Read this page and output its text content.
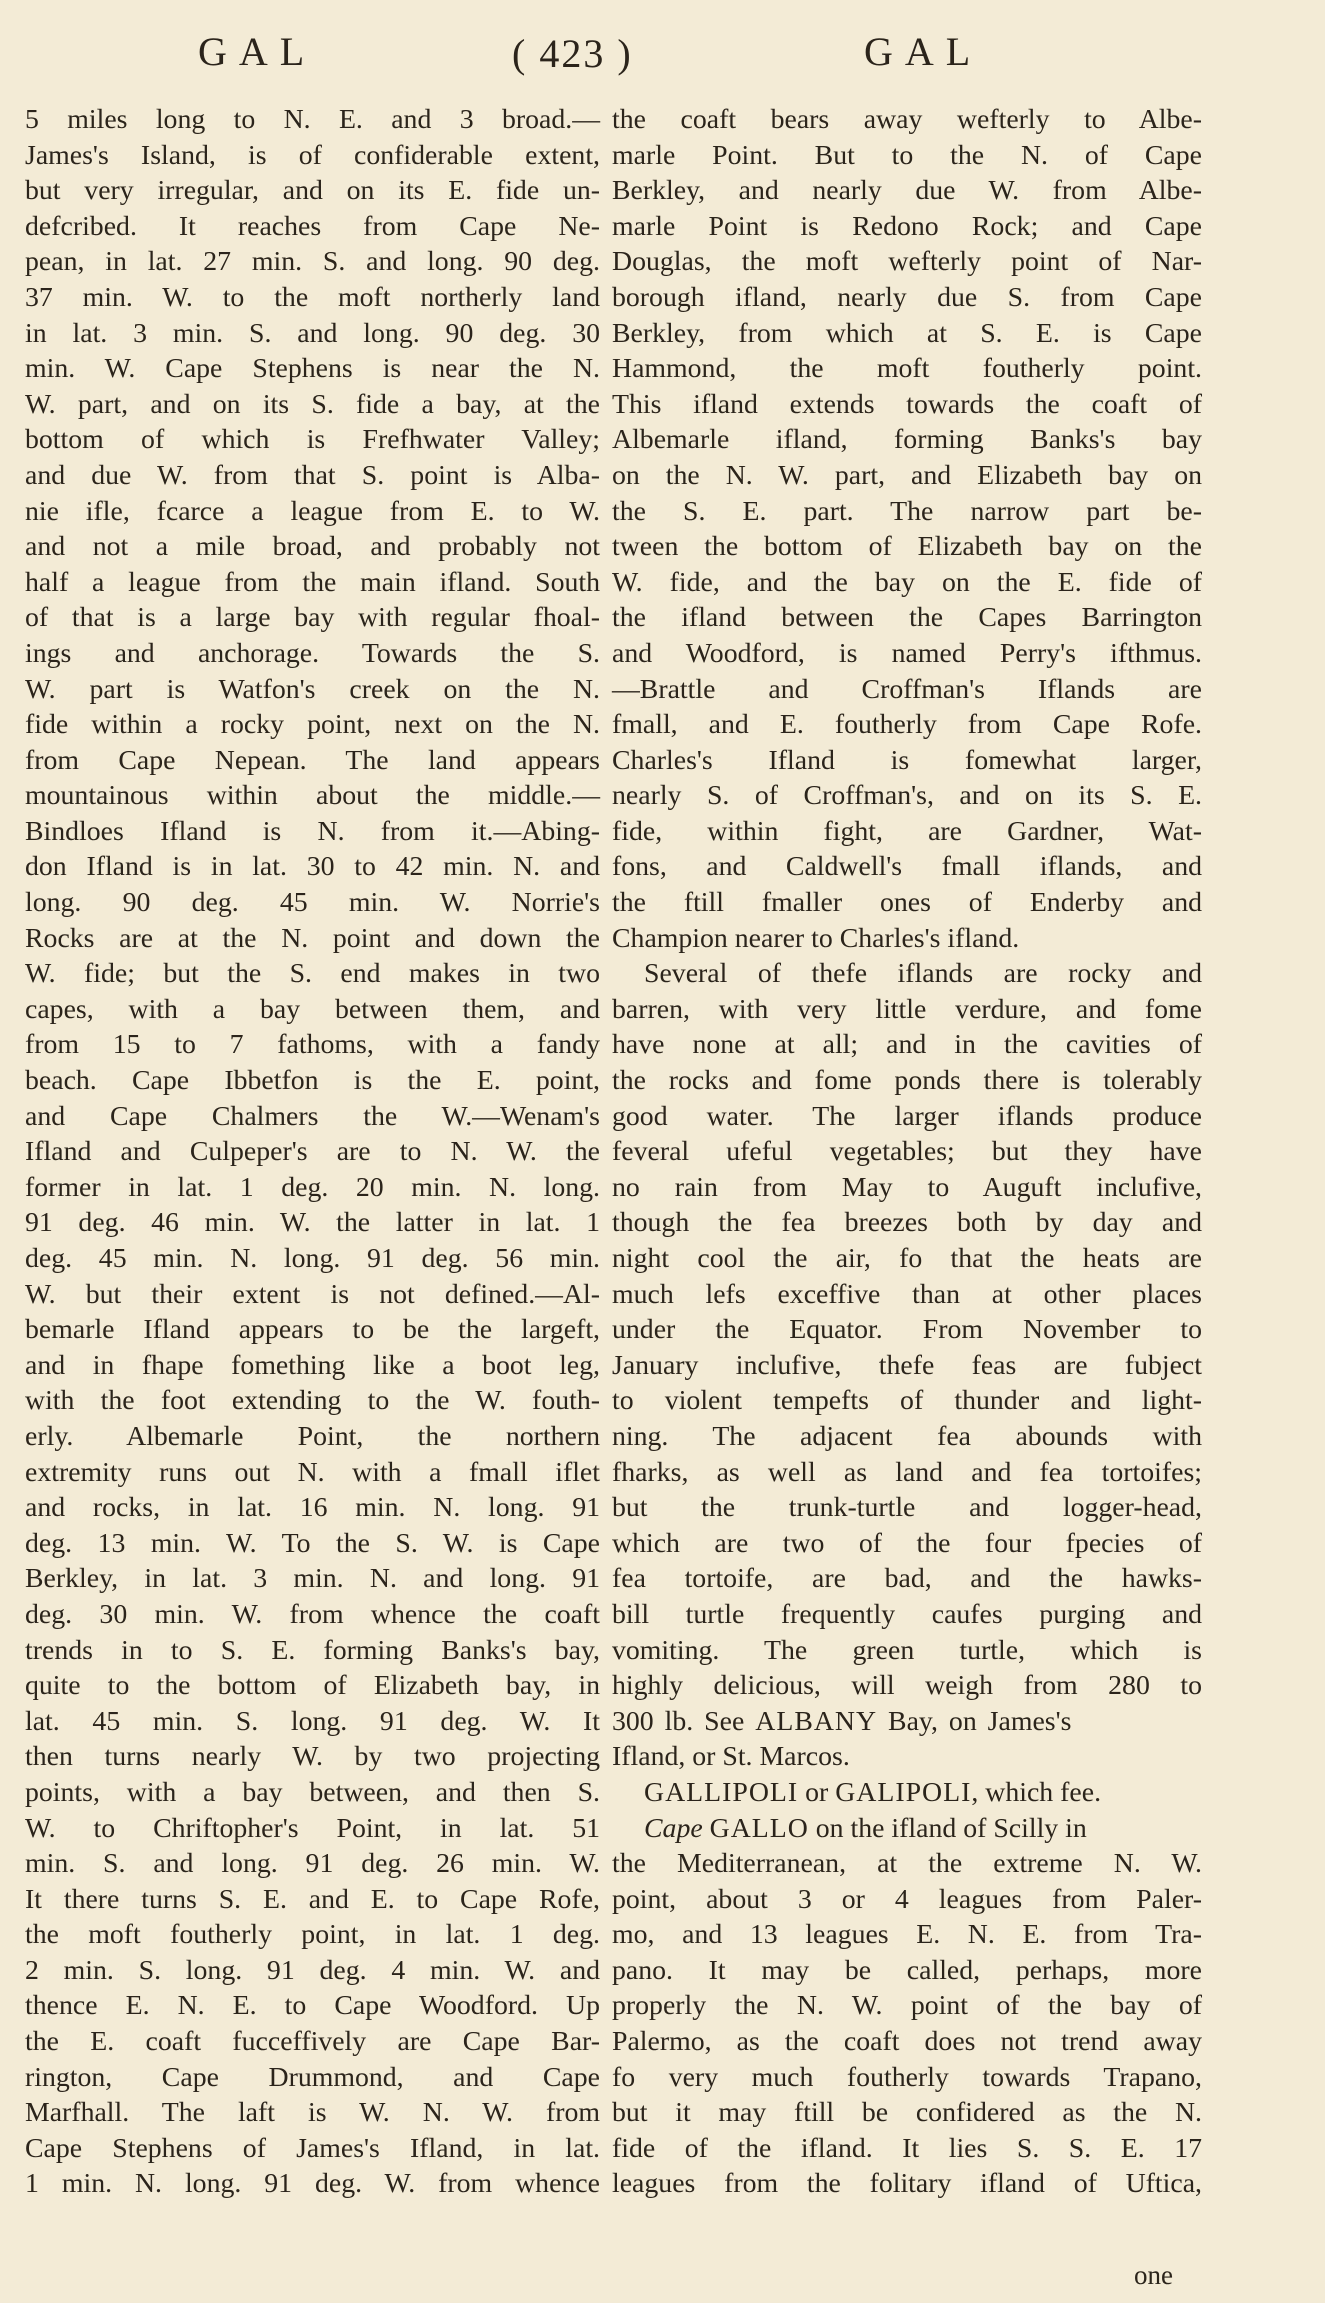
GAL	( 423 )	GAL
5 miles long to N. E. and 3 broad.—
James's Island, is of confiderable extent,
but very irregular, and on its E. fide un-
defcribed. It reaches from Cape Ne-
pean, in lat. 27 min. S. and long. 90 deg.
37 min. W. to the moft northerly land
in lat. 3 min. S. and long. 90 deg. 30
min. W. Cape Stephens is near the N.
W. part, and on its S. fide a bay, at the
bottom of which is Frefhwater Valley;
and due W. from that S. point is Alba-
nie ifle, fcarce a league from E. to W.
and not a mile broad, and probably not
half a league from the main ifland. South
of that is a large bay with regular fhoal-
ings and anchorage. Towards the S.
W. part is Watfon's creek on the N.
fide within a rocky point, next on the N.
from Cape Nepean. The land appears
mountainous within about the middle.—
Bindloes Ifland is N. from it.—Abing-
don Ifland is in lat. 30 to 42 min. N. and
long. 90 deg. 45 min. W. Norrie's
Rocks are at the N. point and down the
W. fide; but the S. end makes in two
capes, with a bay between them, and
from 15 to 7 fathoms, with a fandy
beach. Cape Ibbetfon is the E. point,
and Cape Chalmers the W.—Wenam's
Ifland and Culpeper's are to N. W. the
former in lat. 1 deg. 20 min. N. long.
91 deg. 46 min. W. the latter in lat. 1
deg. 45 min. N. long. 91 deg. 56 min.
W. but their extent is not defined.—Al-
bemarle Ifland appears to be the largeft,
and in fhape fomething like a boot leg,
with the foot extending to the W. fouth-
erly. Albemarle Point, the northern
extremity runs out N. with a fmall iflet
and rocks, in lat. 16 min. N. long. 91
deg. 13 min. W. To the S. W. is Cape
Berkley, in lat. 3 min. N. and long. 91
deg. 30 min. W. from whence the coaft
trends in to S. E. forming Banks's bay,
quite to the bottom of Elizabeth bay, in
lat. 45 min. S. long. 91 deg. W. It
then turns nearly W. by two projecting
points, with a bay between, and then S.
W. to Chriftopher's Point, in lat. 51
min. S. and long. 91 deg. 26 min. W.
It there turns S. E. and E. to Cape Rofe,
the moft foutherly point, in lat. 1 deg.
2 min. S. long. 91 deg. 4 min. W. and
thence E. N. E. to Cape Woodford. Up
the E. coaft fucceffively are Cape Bar-
rington, Cape Drummond, and Cape
Marfhall. The laft is W. N. W. from
Cape Stephens of James's Ifland, in lat.
1 min. N. long. 91 deg. W. from whence
the coaft bears away wefterly to Albe-
marle Point. But to the N. of Cape
Berkley, and nearly due W. from Albe-
marle Point is Redono Rock; and Cape
Douglas, the moft wefterly point of Nar-
borough ifland, nearly due S. from Cape
Berkley, from which at S. E. is Cape
Hammond, the moft foutherly point.
This ifland extends towards the coaft of
Albemarle ifland, forming Banks's bay
on the N. W. part, and Elizabeth bay on
the S. E. part. The narrow part be-
tween the bottom of Elizabeth bay on the
W. fide, and the bay on the E. fide of
the ifland between the Capes Barrington
and Woodford, is named Perry's ifthmus.
—Brattle and Croffman's Iflands are
fmall, and E. foutherly from Cape Rofe.
Charles's Ifland is fomewhat larger,
nearly S. of Croffman's, and on its S. E.
fide, within fight, are Gardner, Wat-
fons, and Caldwell's fmall iflands, and
the ftill fmaller ones of Enderby and
Champion nearer to Charles's ifland.
Several of thefe iflands are rocky and
barren, with very little verdure, and fome
have none at all; and in the cavities of
the rocks and fome ponds there is tolerably
good water. The larger iflands produce
feveral ufeful vegetables; but they have
no rain from May to Auguft inclufive,
though the fea breezes both by day and
night cool the air, fo that the heats are
much lefs exceffive than at other places
under the Equator. From November to
January inclufive, thefe feas are fubject
to violent tempefts of thunder and light-
ning. The adjacent fea abounds with
fharks, as well as land and fea tortoifes;
but the trunk-turtle and logger-head,
which are two of the four fpecies of
fea tortoife, are bad, and the hawks-
bill turtle frequently caufes purging and
vomiting. The green turtle, which is
highly delicious, will weigh from 280 to
300 lb. See ALBANY Bay, on James's
Ifland, or St. Marcos.
GALLIPOLI or GALIPOLI, which fee.
Cape GALLO on the ifland of Scilly in
the Mediterranean, at the extreme N. W.
point, about 3 or 4 leagues from Paler-
mo, and 13 leagues E. N. E. from Tra-
pano. It may be called, perhaps, more
properly the N. W. point of the bay of
Palermo, as the coaft does not trend away
fo very much foutherly towards Trapano,
but it may ftill be confidered as the N.
fide of the ifland. It lies S. S. E. 17
leagues from the folitary ifland of Uftica,
one
